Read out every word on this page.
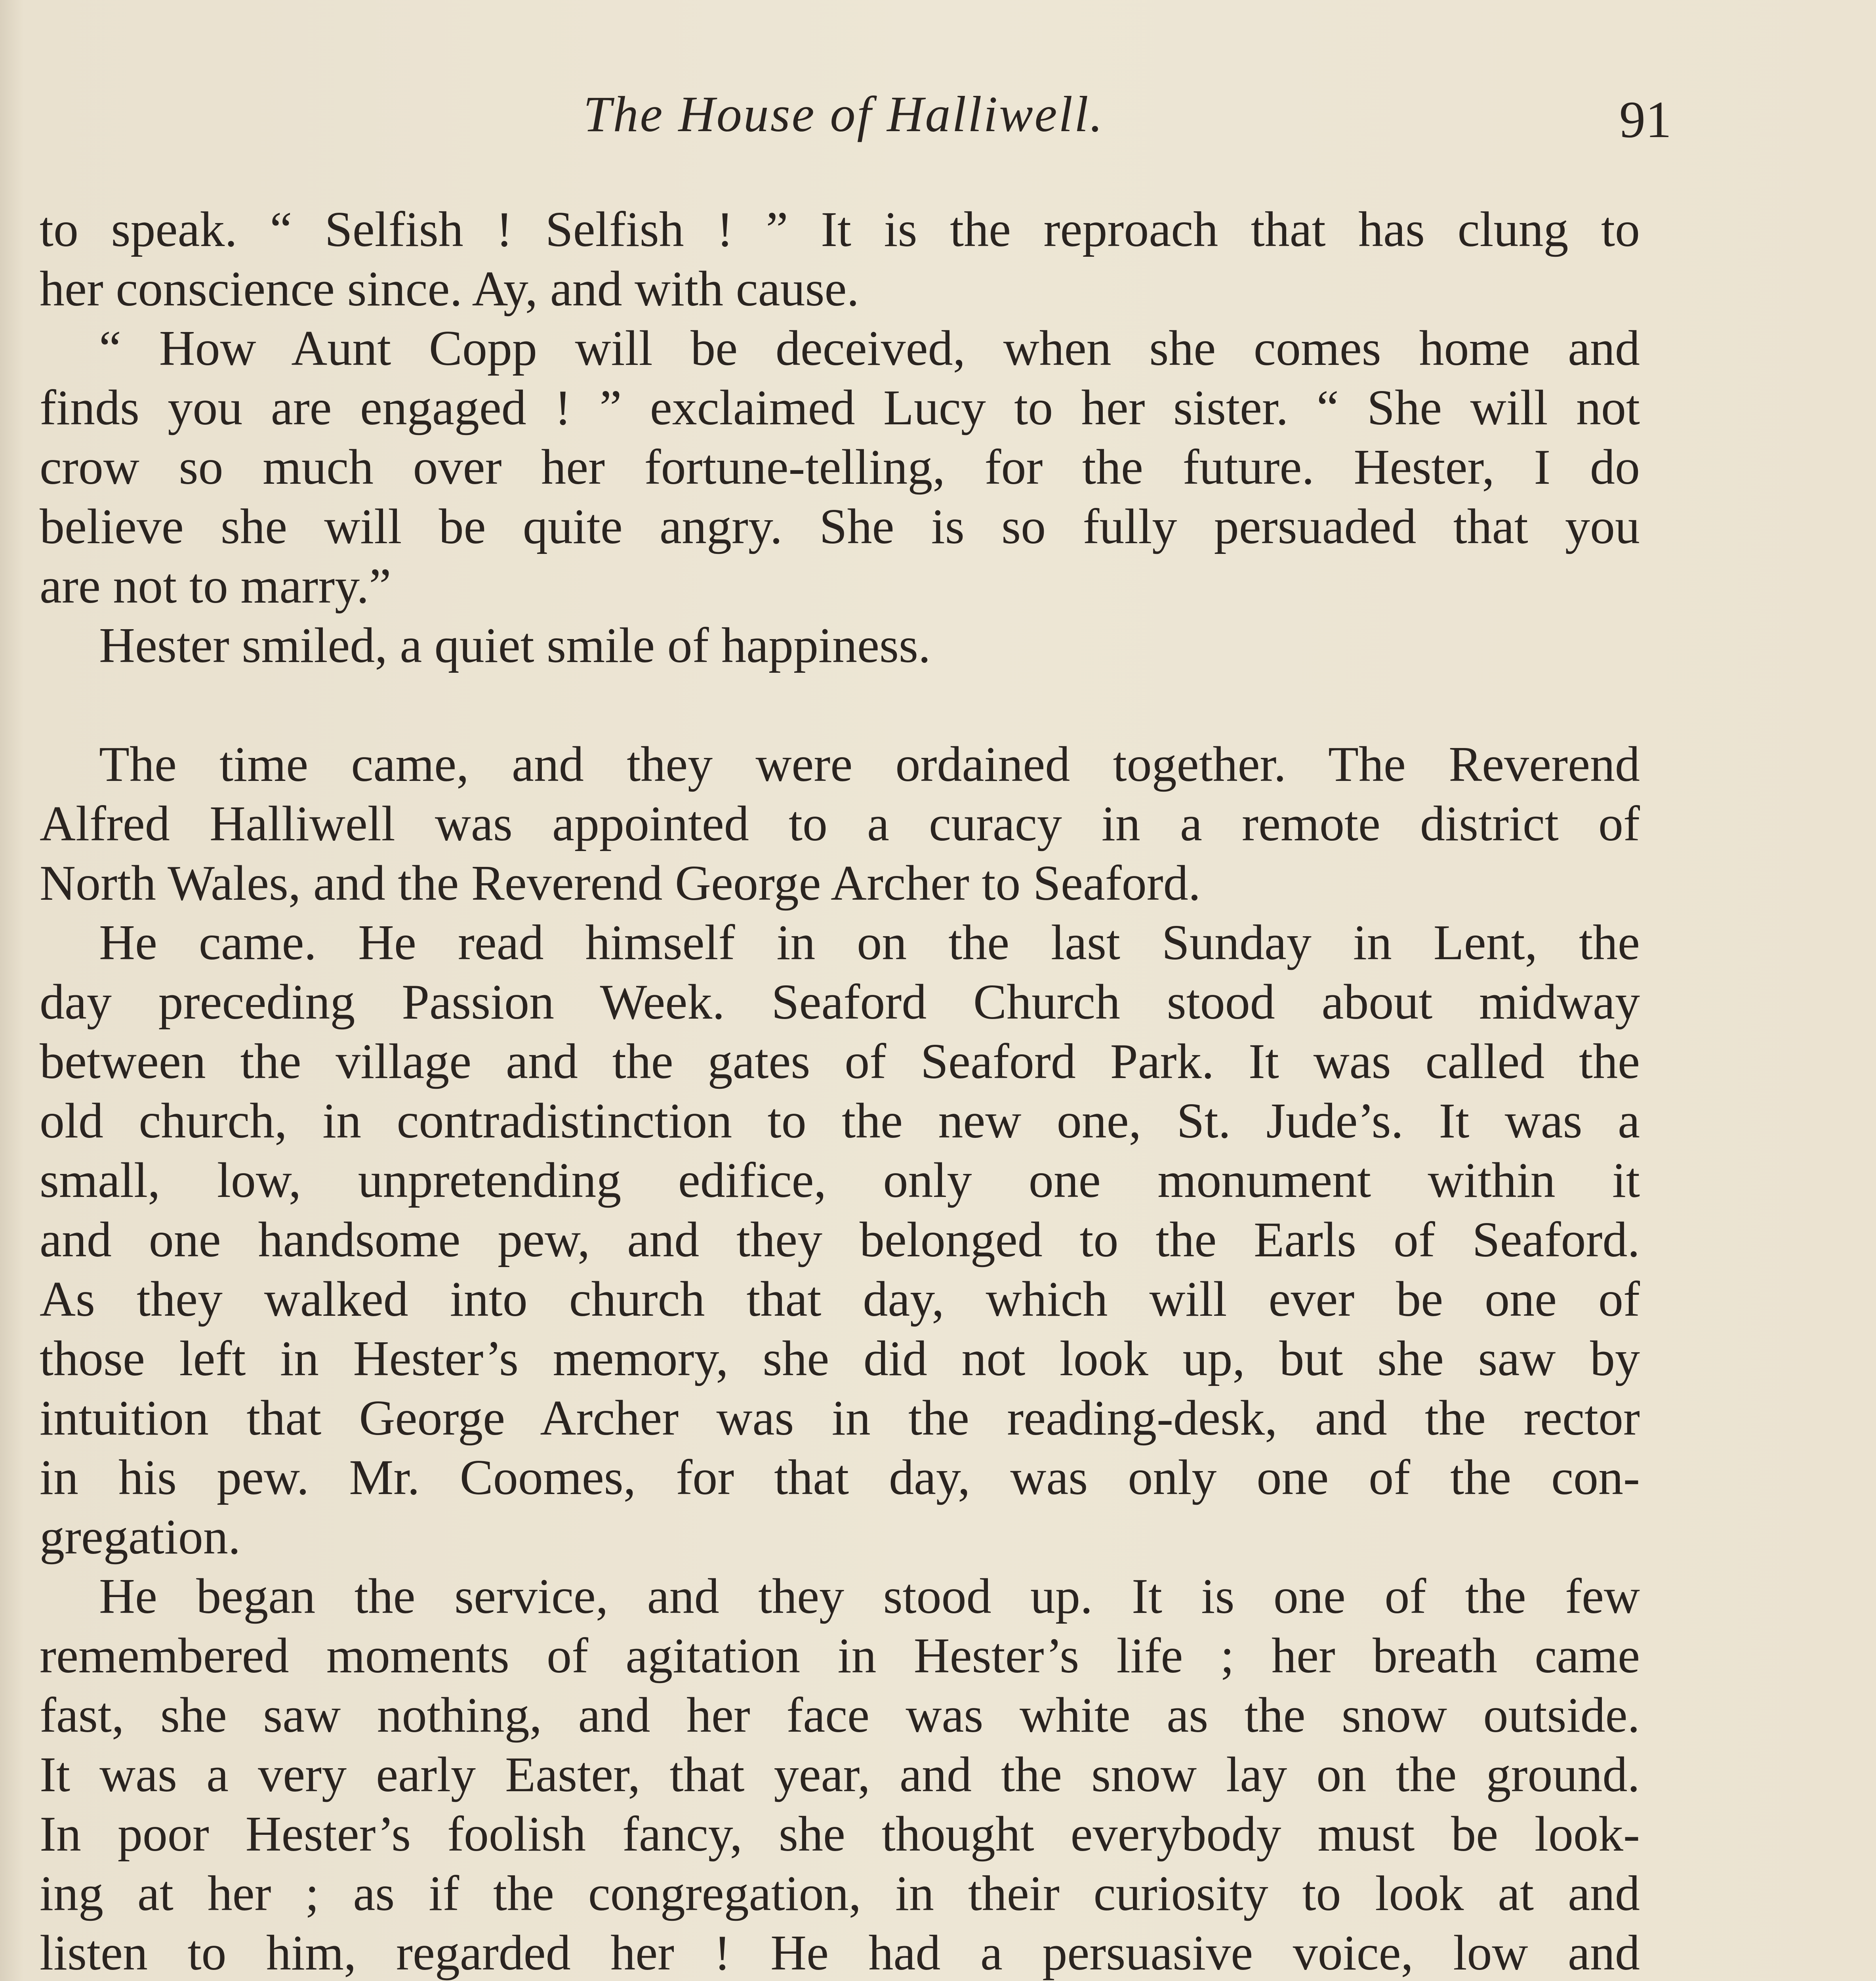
The House of Halliwell.	91
to speak. “ Selfish ! Selfish ! ” It is the reproach that has clung to
her conscience since. Ay, and with cause.
“ How Aunt Copp will be deceived, when she comes home and
finds you are engaged ! ” exclaimed Lucy to her sister. “ She will not
crow so much over her fortune-telling, for the future. Hester, I do
believe she will be quite angry. She is so fully persuaded that you
are not to marry.”
Hester smiled, a quiet smile of happiness.
The time came, and they were ordained together. The Reverend
Alfred Halliwell was appointed to a curacy in a remote district of
North Wales, and the Reverend George Archer to Seaford.
He came. He read himself in on the last Sunday in Lent, the
day preceding Passion Week. Seaford Church stood about midway
between the village and the gates of Seaford Park. It was called the
old church, in contradistinction to the new one, St. Jude’s. It was a
small, low, unpretending edifice, only one monument within it
and one handsome pew, and they belonged to the Earls of Seaford.
As they walked into church that day, which will ever be one of
those left in Hester’s memory, she did not look up, but she saw by
intuition that George Archer was in the reading-desk, and the rector
in his pew. Mr. Coomes, for that day, was only one of the con-
gregation.
He began the service, and they stood up. It is one of the few
remembered moments of agitation in Hester’s life ; her breath came
fast, she saw nothing, and her face was white as the snow outside.
It was a very early Easter, that year, and the snow lay on the ground.
In poor Hester’s foolish fancy, she thought everybody must be look-
ing at her ; as if the congregation, in their curiosity to look at and
listen to him, regarded her ! He had a persuasive voice, low and
